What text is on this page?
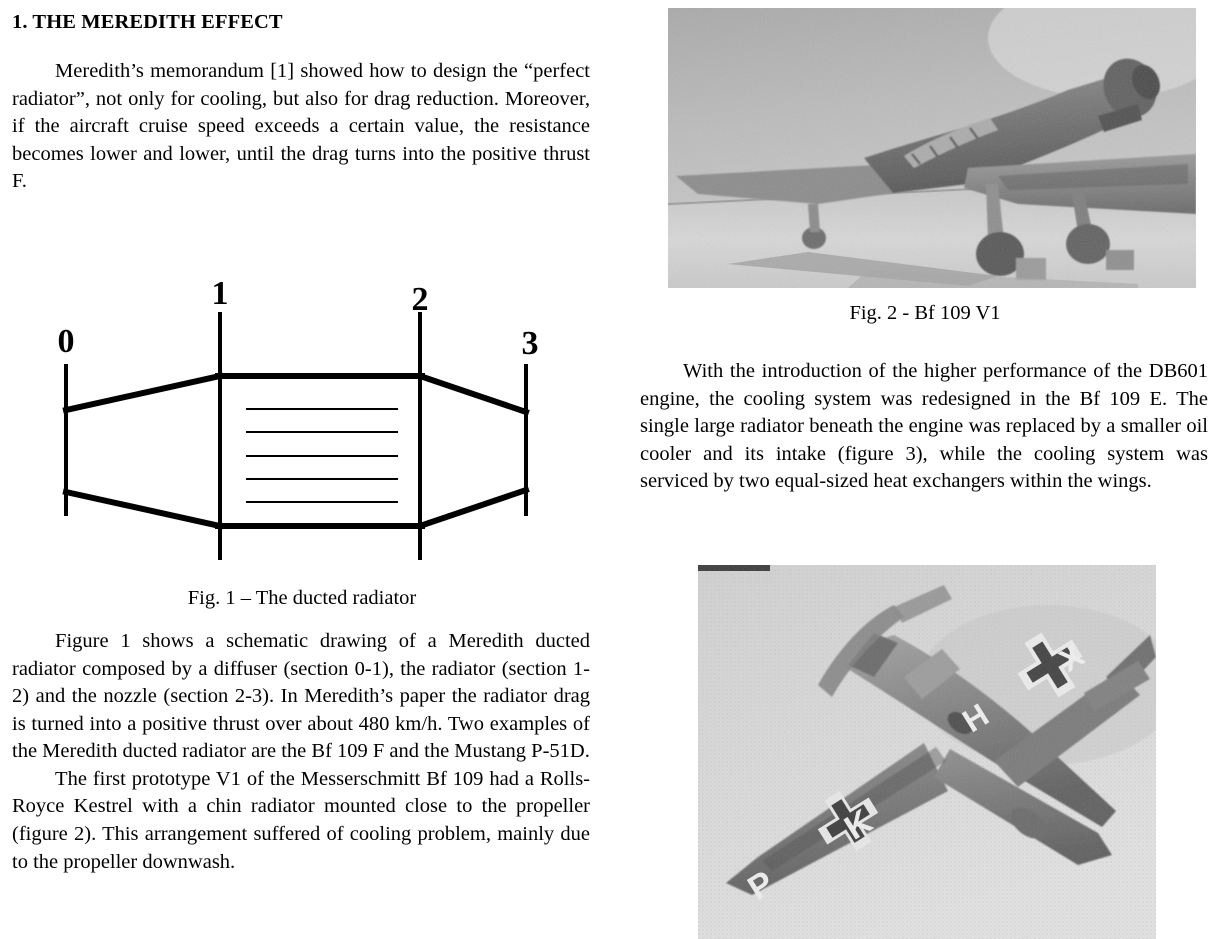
1. THE MEREDITH EFFECT

Meredith’s memorandum [1] showed how to design the “perfect radiator”, not only for cooling, but also for drag reduction. Moreover, if the aircraft cruise speed exceeds a certain value, the resistance becomes lower and lower, until the drag turns into the positive thrust F.

0
1	2
3

Fig. 1 – The ducted radiator

Figure 1 shows a schematic drawing of a Meredith ducted radiator composed by a diffuser (section 0-1), the radiator (section 1-2) and the nozzle (section 2-3). In Meredith’s paper the radiator drag is turned into a positive thrust over about 480 km/h. Two examples of the Meredith ducted radiator are the Bf 109 F and the Mustang P-51D.

The first prototype V1 of the Messerschmitt Bf 109 had a Rolls-Royce Kestrel with a chin radiator mounted close to the propeller (figure 2). This arrangement suffered of cooling problem, mainly due to the propeller downwash.

Fig. 2 - Bf 109 V1

With the introduction of the higher performance of the DB601 engine, the cooling system was redesigned in the Bf 109 E. The single large radiator beneath the engine was replaced by a smaller oil cooler and its intake (figure 3), while the cooling system was serviced by two equal-sized heat exchangers within the wings.
